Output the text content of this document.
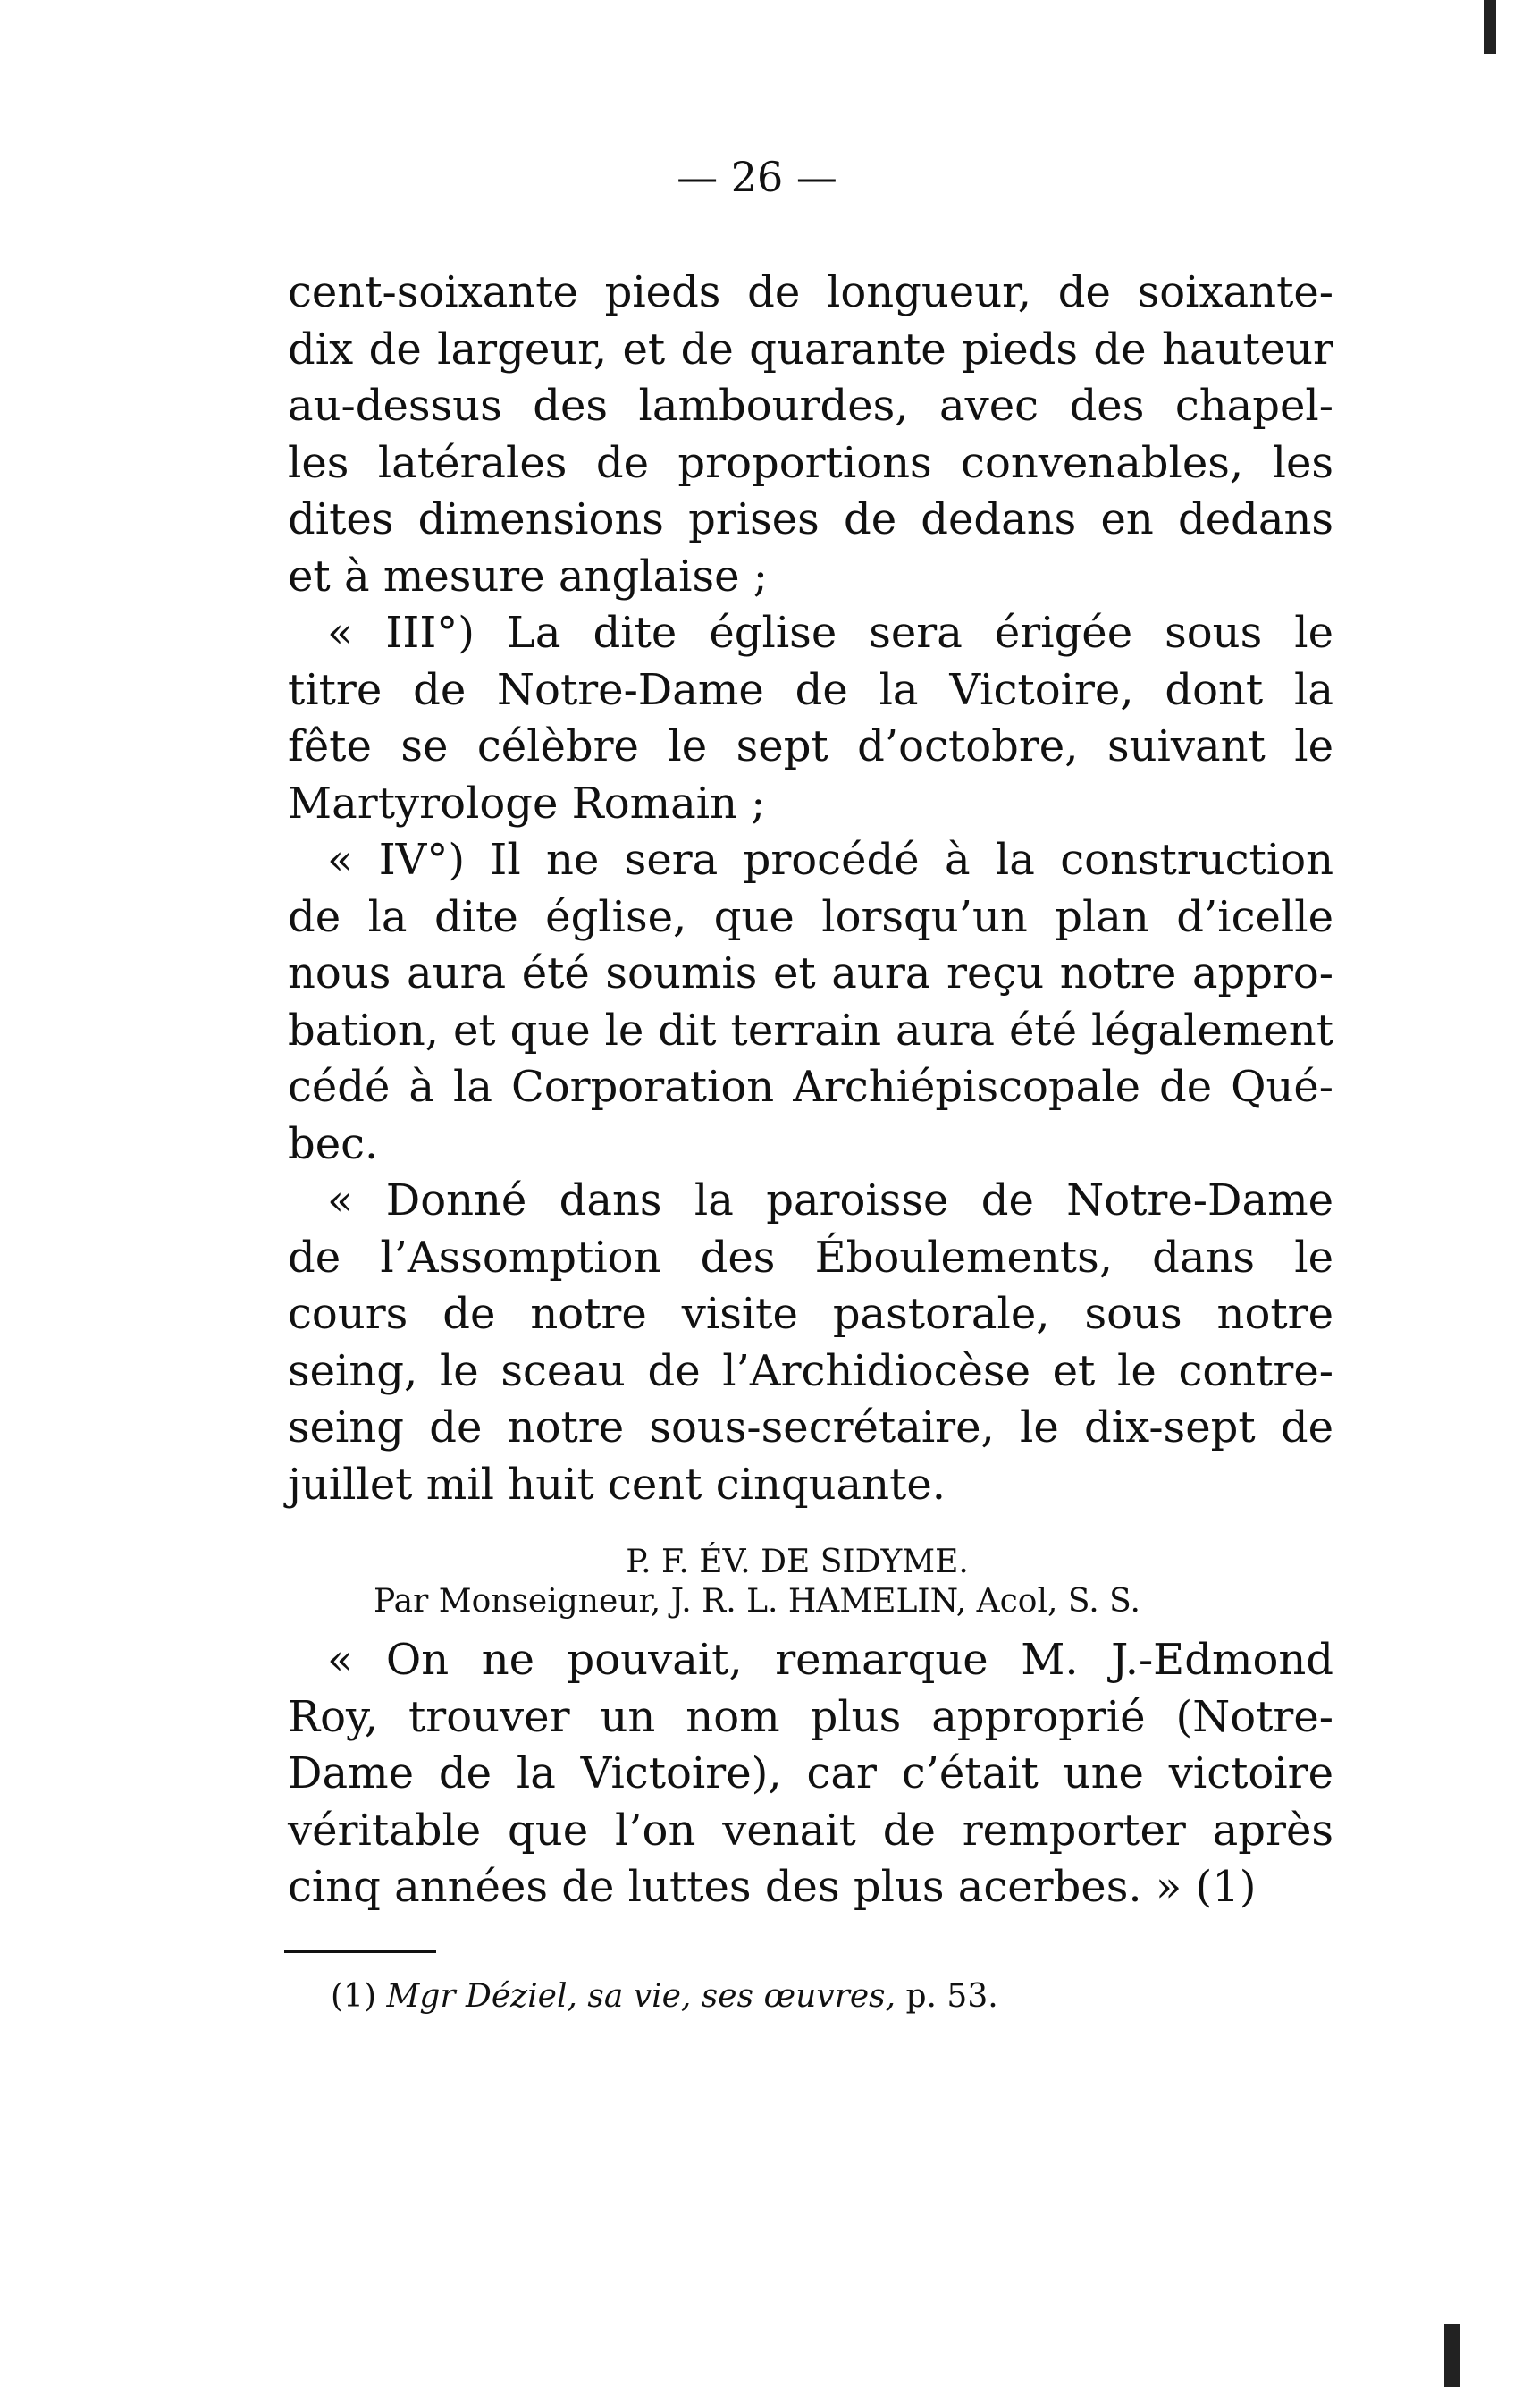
— 26 —
cent-soixante pieds de longueur, de soixante-
dix de largeur, et de quarante pieds de hauteur
au-dessus des lambourdes, avec des chapel-
les latérales de proportions convenables, les
dites dimensions prises de dedans en dedans
et à mesure anglaise ;
« III°) La dite église sera érigée sous le
titre de Notre-Dame de la Victoire, dont la
fête se célèbre le sept d’octobre, suivant le
Martyrologe Romain ;
« IV°) Il ne sera procédé à la construction
de la dite église, que lorsqu’un plan d’icelle
nous aura été soumis et aura reçu notre appro-
bation, et que le dit terrain aura été légalement
cédé à la Corporation Archiépiscopale de Qué-
bec.
« Donné dans la paroisse de Notre-Dame
de l’Assomption des Éboulements, dans le
cours de notre visite pastorale, sous notre
seing, le sceau de l’Archidiocèse et le contre-
seing de notre sous-secrétaire, le dix-sept de
juillet mil huit cent cinquante.
P. F. ÉV. DE SIDYME.
Par Monseigneur, J. R. L. HAMELIN, Acol, S. S.
« On ne pouvait, remarque M. J.-Edmond
Roy, trouver un nom plus approprié (Notre-
Dame de la Victoire), car c’était une victoire
véritable que l’on venait de remporter après
cinq années de luttes des plus acerbes. » (1)
(1) Mgr Déziel, sa vie, ses œuvres, p. 53.
